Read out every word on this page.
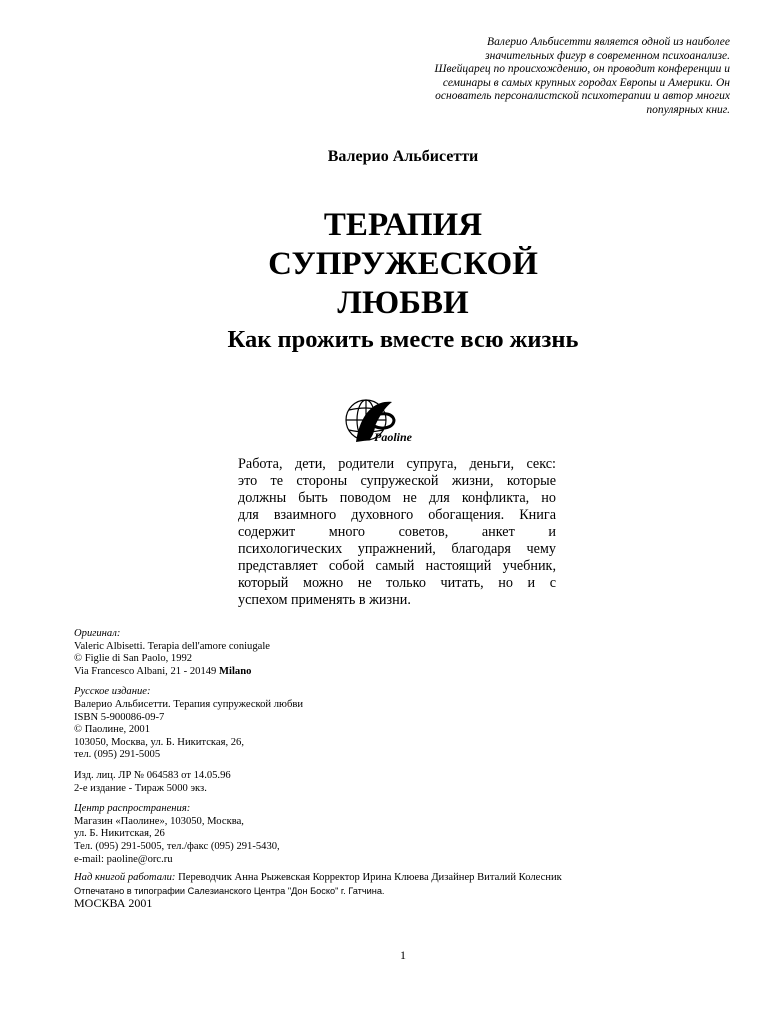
Валерио Альбисетти является одной из наиболее
значительных фигур в современном психоанализе.
Швейцарец по происхождению, он проводит конференции и
семинары в самых крупных городах Европы и Америки. Он
основатель персоналистской психотерапии и автор многих
популярных книг.
Валерио Альбисетти
ТЕРАПИЯ
СУПРУЖЕСКОЙ
ЛЮБВИ
Как прожить вместе всю жизнь
Paoline
Работа, дети, родители супруга, деньги, секс:
это те стороны супружеской жизни, которые
должны быть поводом не для конфликта, но
для взаимного духовного обогащения. Книга
содержит много советов, анкет и
психологических упражнений, благодаря чему
представляет собой самый настоящий учебник,
который можно не только читать, но и с
успехом применять в жизни.
Оригинал:
Valeric Albisetti. Terapia dell'amore coniugale
© Figlie di San Paolo, 1992
Via Francesco Albani, 21 - 20149 Milano
Русское издание:
Валерио Альбисетти. Терапия супружеской любви
ISBN 5-900086-09-7
© Паолине, 2001
103050, Москва, ул. Б. Никитская, 26,
тел. (095) 291-5005
Изд. лиц. ЛР № 064583 от 14.05.96
2-е издание - Тираж 5000 экз.
Центр распространения:
Магазин «Паолине», 103050, Москва,
ул. Б. Никитская, 26
Тел. (095) 291-5005, тел./факс (095) 291-5430,
e-mail: paoline@orc.ru
Над книгой работали: Переводчик Анна Рыжевская Корректор Ирина Клюева Дизайнер Виталий Колесник
Отпечатано в типографии Салезианского Центра "Дон Боско" г. Гатчина.
МОСКВА 2001
1
